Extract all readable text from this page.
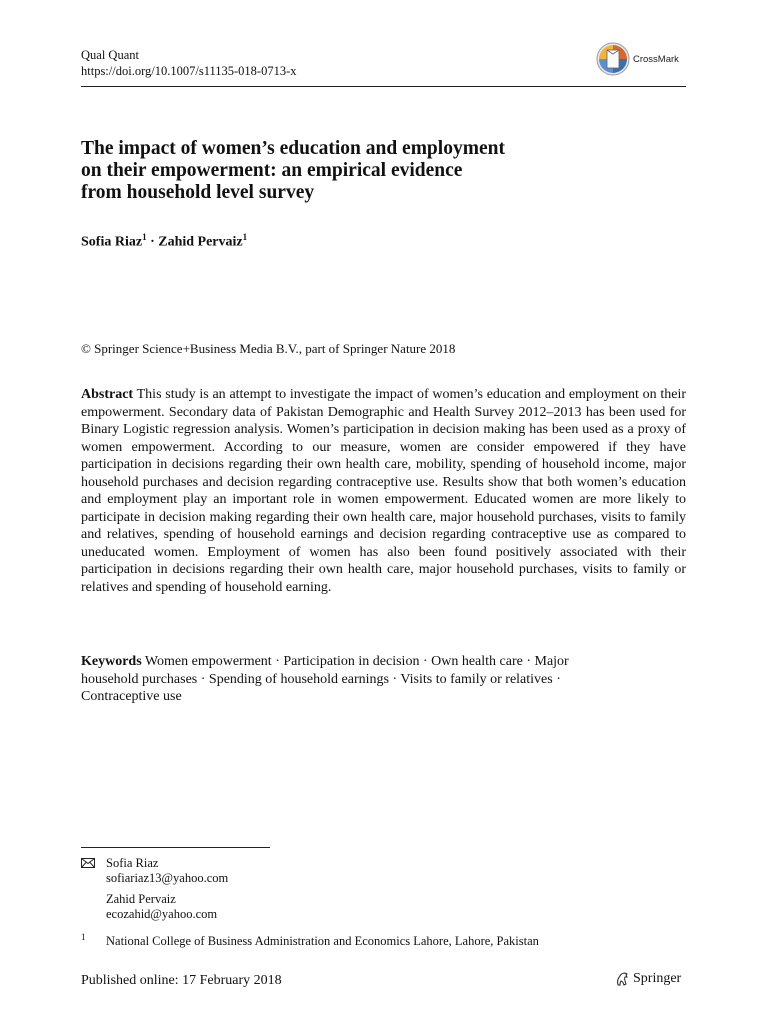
Qual Quant
https://doi.org/10.1007/s11135-018-0713-x
CrossMark
The impact of women’s education and employment
on their empowerment: an empirical evidence
from household level survey
Sofia Riaz$^1$ · Zahid Pervaiz$^1$
© Springer Science+Business Media B.V., part of Springer Nature 2018

Abstract This study is an attempt to investigate the impact of women’s education and employment on their empowerment. Secondary data of Pakistan Demographic and Health Survey 2012–2013 has been used for Binary Logistic regression analysis. Women’s participation in decision making has been used as a proxy of women empowerment. According to our measure, women are consider empowered if they have participation in decisions regarding their own health care, mobility, spending of household income, major household purchases and decision regarding contraceptive use. Results show that both women’s education and employment play an important role in women empowerment. Educated women are more likely to participate in decision making regarding their own health care, major household purchases, visits to family and relatives, spending of household earnings and decision regarding contraceptive use as compared to uneducated women. Employment of women has also been found positively associated with their participation in decisions regarding their own health care, major household purchases, visits to family or relatives and spending of household earning.

Keywords Women empowerment · Participation in decision · Own health care · Major household purchases · Spending of household earnings · Visits to family or relatives · Contraceptive use

Sofia Riaz
sofiariaz13@yahoo.com
Zahid Pervaiz
ecozahid@yahoo.com
1 National College of Business Administration and Economics Lahore, Lahore, Pakistan
Published online: 17 February 2018	Springer
